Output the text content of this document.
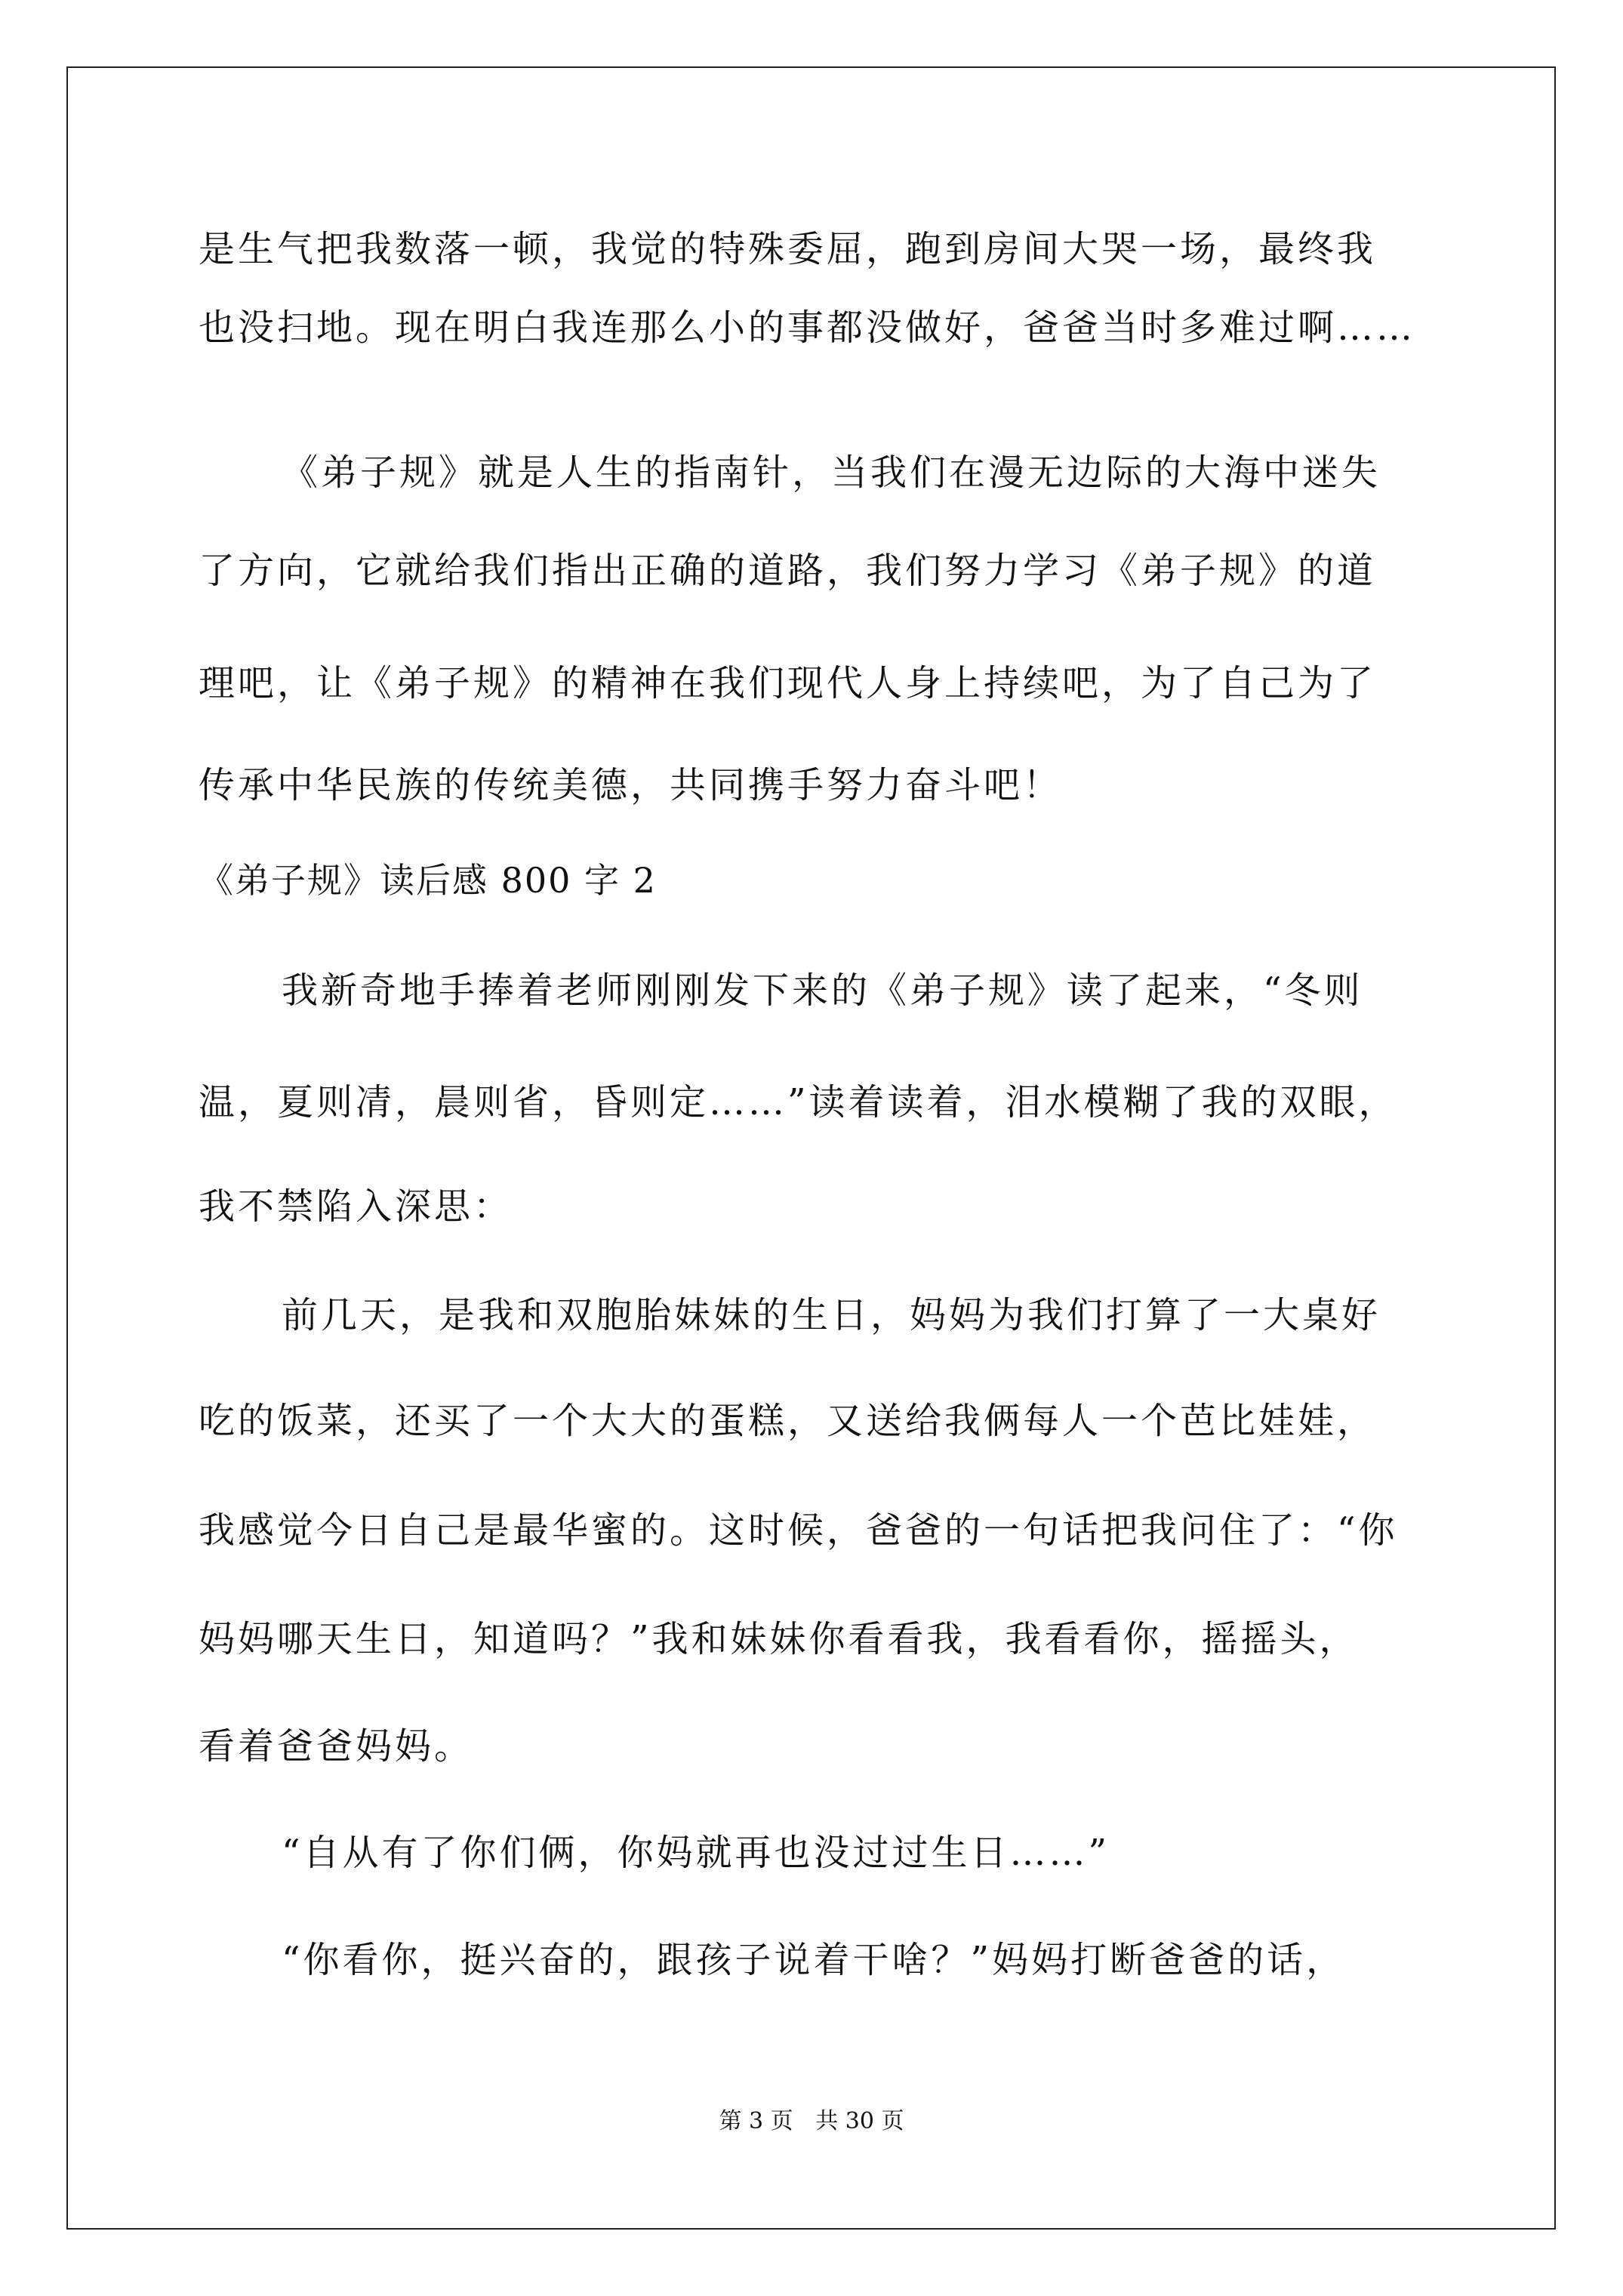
是生气把我数落一顿，我觉的特殊委屈，跑到房间大哭一场，最终我
也没扫地。现在明白我连那么小的事都没做好，爸爸当时多难过啊……
《弟子规》就是人生的指南针，当我们在漫无边际的大海中迷失
了方向，它就给我们指出正确的道路，我们努力学习《弟子规》的道
理吧，让《弟子规》的精神在我们现代人身上持续吧，为了自己为了
传承中华民族的传统美德，共同携手努力奋斗吧！
《弟子规》读后感 800 字 2
我新奇地手捧着老师刚刚发下来的《弟子规》读了起来，“冬则
温，夏则凊，晨则省，昏则定……”读着读着，泪水模糊了我的双眼，
我不禁陷入深思：
前几天，是我和双胞胎妹妹的生日，妈妈为我们打算了一大桌好
吃的饭菜，还买了一个大大的蛋糕，又送给我俩每人一个芭比娃娃，
我感觉今日自己是最华蜜的。这时候，爸爸的一句话把我问住了：“你
妈妈哪天生日，知道吗？”我和妹妹你看看我，我看看你，摇摇头，
看着爸爸妈妈。
“自从有了你们俩，你妈就再也没过过生日……”
“你看你，挺兴奋的，跟孩子说着干啥？”妈妈打断爸爸的话，
第 3 页 共 30 页
